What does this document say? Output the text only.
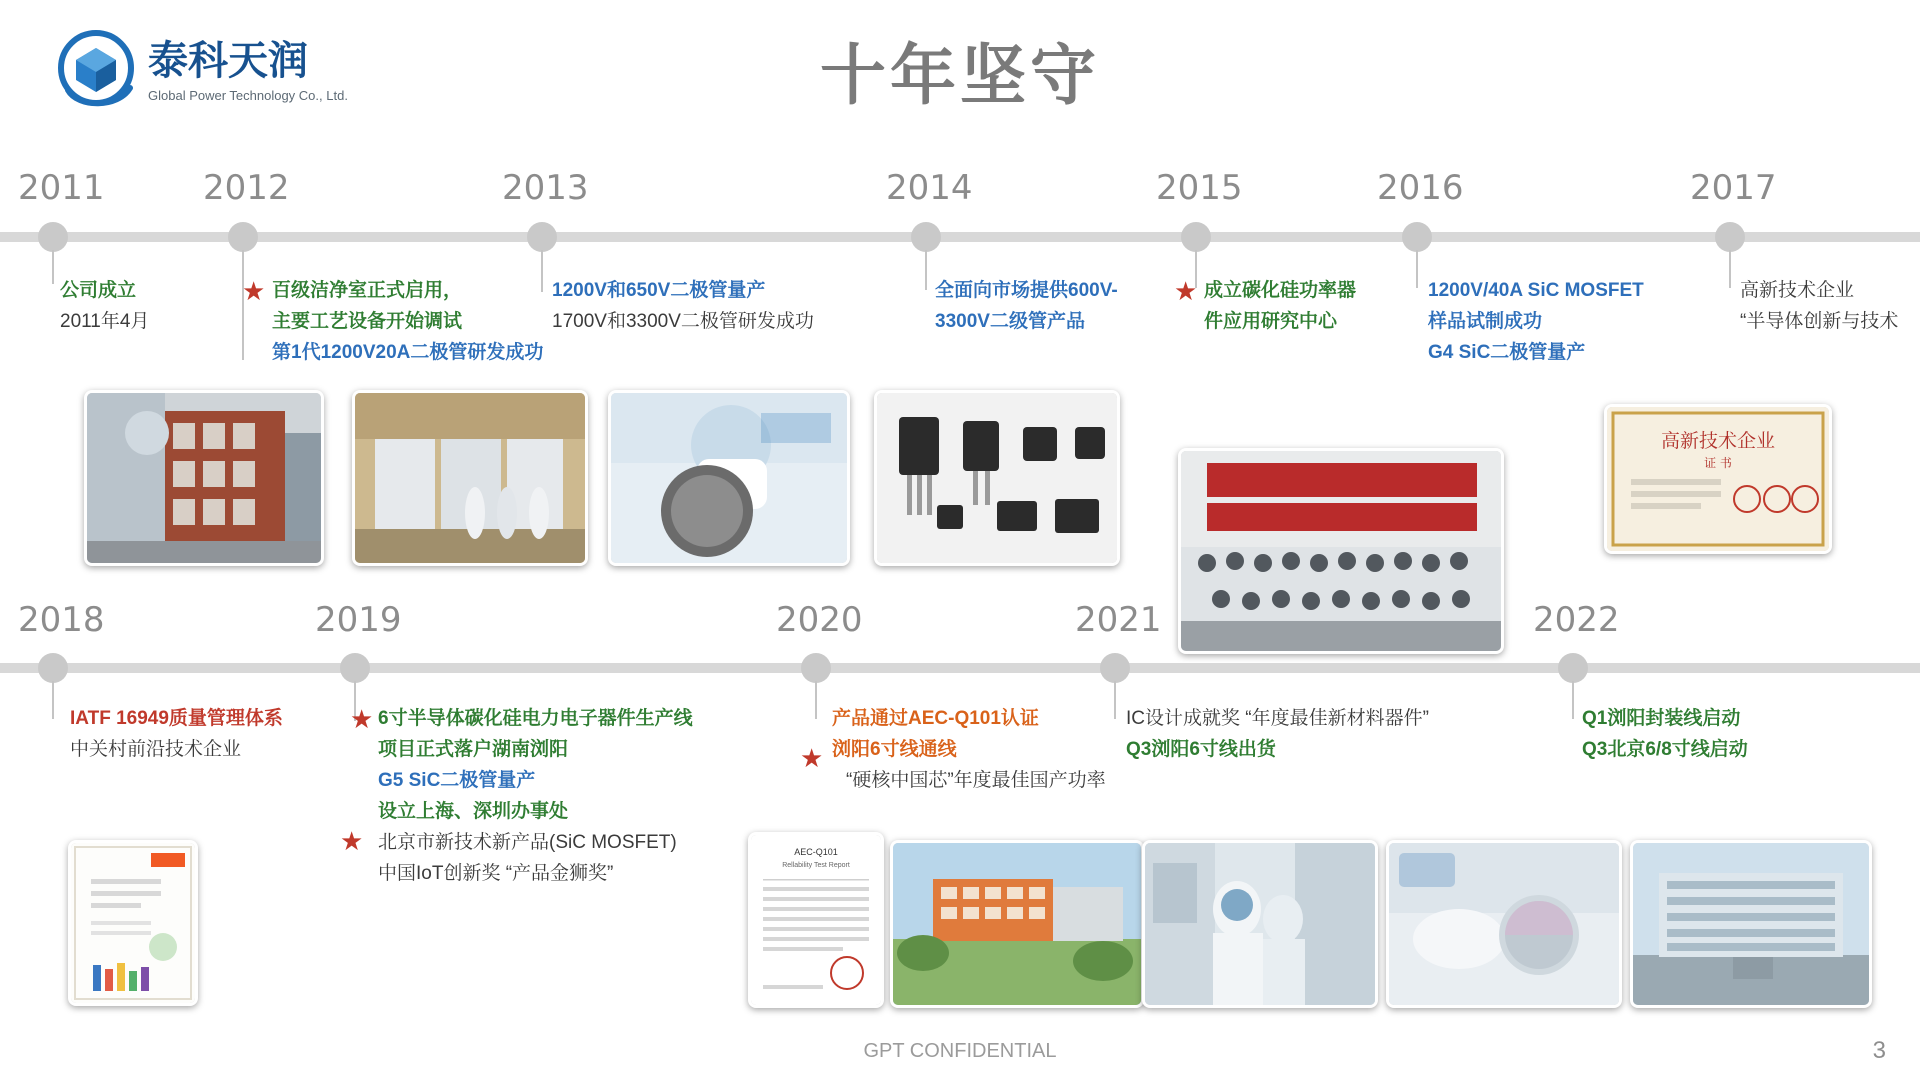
泰科天润
Global Power Technology Co., Ltd.	十年坚守
2011	2012	2013	2014	2015	2016	2017
公司成立
2011年4月
★ 百级洁净室正式启用，
主要工艺设备开始调试
第1代1200V20A二极管研发成功
1200V和650V二极管量产
1700V和3300V二极管研发成功
全面向市场提供600V-
3300V二级管产品
★ 成立碳化硅功率器
件应用研究中心
1200V/40A SiC MOSFET
样品试制成功
G4 SiC二极管量产
高新技术企业
“半导体创新与技术
高新技术企业
证 书
2018	2019	2020	2021	2022
IATF 16949质量管理体系
中关村前沿技术企业
★
★
6寸半导体碳化硅电力电子器件生产线
项目正式落户湖南浏阳
G5 SiC二极管量产
设立上海、深圳办事处
北京市新技术新产品(SiC MOSFET)
中国IoT创新奖 “产品金狮奖”
★
产品通过AEC-Q101认证
浏阳6寸线通线
“硬核中国芯”年度最佳国产功率
IC设计成就奖 “年度最佳新材料器件”
Q3浏阳6寸线出货
Q1浏阳封装线启动
Q3北京6/8寸线启动
AEC-Q101
Rellability Test Report
GPT CONFIDENTIAL	3
